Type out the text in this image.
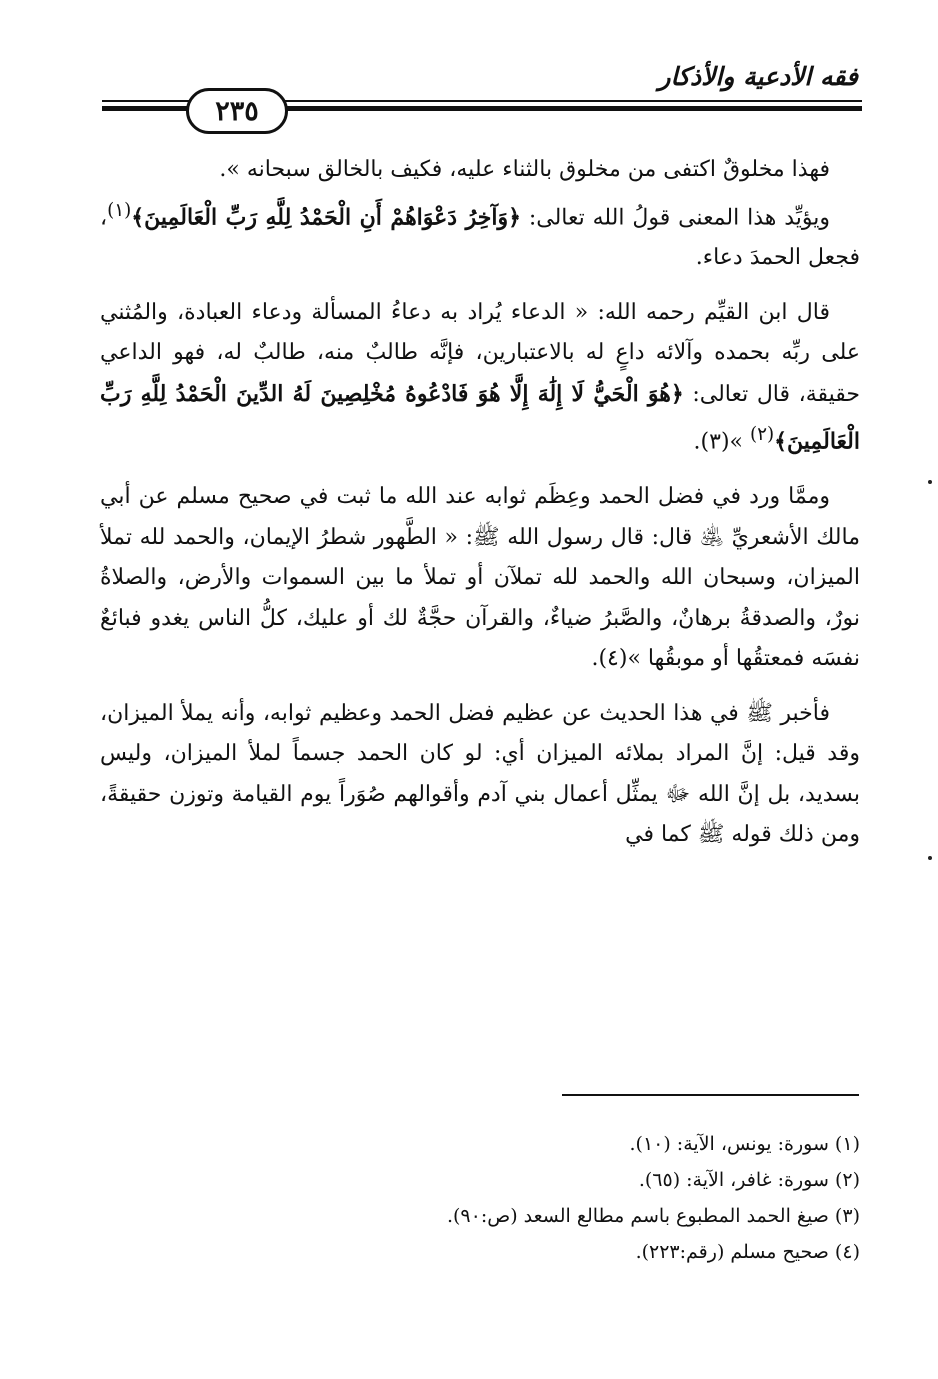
فقه الأدعية والأذكار
٢٣٥

فهذا مخلوقٌ اكتفى من مخلوق بالثناء عليه، فكيف بالخالق سبحانه ».

ويؤيِّد هذا المعنى قولُ الله تعالى: ﴿وَآخِرُ دَعْوَاهُمْ أَنِ الْحَمْدُ لِلَّهِ رَبِّ الْعَالَمِينَ﴾$^{(١)}$، فجعل الحمدَ دعاء.

قال ابن القيِّم رحمه الله: « الدعاء يُراد به دعاءُ المسألة ودعاء العبادة، والمُثني على ربِّه بحمده وآلائه داعٍ له بالاعتبارين، فإنَّه طالبٌ منه، طالبٌ له، فهو الداعي حقيقة، قال تعالى: ﴿هُوَ الْحَيُّ لَا إِلَٰهَ إِلَّا هُوَ فَادْعُوهُ مُخْلِصِينَ لَهُ الدِّينَ الْحَمْدُ لِلَّهِ رَبِّ الْعَالَمِينَ﴾$^{(٢)}$ »(٣).

وممَّا ورد في فضل الحمد وعِظَم ثوابه عند الله ما ثبت في صحيح مسلم عن أبي مالك الأشعريِّ ﵁ قال: قال رسول الله ﷺ: « الطَّهور شطرُ الإيمان، والحمد لله تملأ الميزان، وسبحان الله والحمد لله تملآن أو تملأ ما بين السموات والأرض، والصلاةُ نورٌ، والصدقةُ برهانٌ، والصَّبرُ ضياءٌ، والقرآن حجَّةٌ لك أو عليك، كلُّ الناس يغدو فبائعٌ نفسَه فمعتقُها أو موبقُها »(٤).

فأخبر ﷺ في هذا الحديث عن عظيم فضل الحمد وعظيم ثوابه، وأنه يملأ الميزان، وقد قيل: إنَّ المراد بملائه الميزان أي: لو كان الحمد جسماً لملأ الميزان، وليس بسديد، بل إنَّ الله ﷻ يمثِّل أعمال بني آدم وأقوالهم صُوَراً يوم القيامة وتوزن حقيقةً، ومن ذلك قوله ﷺ كما في

(١) سورة: يونس، الآية: (١٠).
(٢) سورة: غافر، الآية: (٦٥).
(٣) صيغ الحمد المطبوع باسم مطالع السعد (ص:٩٠).
(٤) صحيح مسلم (رقم:٢٢٣).
